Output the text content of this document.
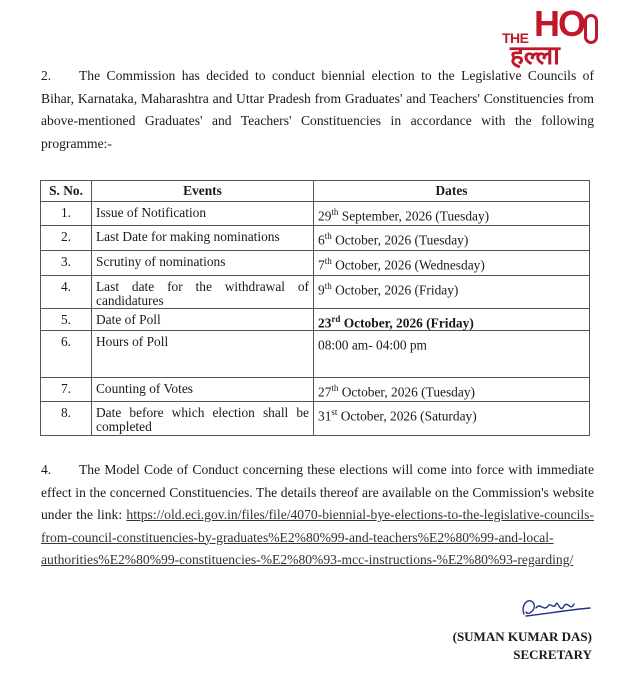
THE HO
हल्ला
2. The Commission has decided to conduct biennial election to the Legislative Councils of Bihar, Karnataka, Maharashtra and Uttar Pradesh from Graduates' and Teachers' Constituencies from above-mentioned Graduates' and Teachers' Constituencies in accordance with the following programme:-
S. No.	Events	Dates
1.	Issue of Notification	29th September, 2026 (Tuesday)
2.	Last Date for making nominations	6th October, 2026 (Tuesday)
3.	Scrutiny of nominations	7th October, 2026 (Wednesday)
4.	Last date for the withdrawal of candidatures	9th October, 2026 (Friday)
5.	Date of Poll	23rd October, 2026 (Friday)
6.	Hours of Poll	08:00 am- 04:00 pm
7.	Counting of Votes	27th October, 2026 (Tuesday)
8.	Date before which election shall be completed	31st October, 2026 (Saturday)
4. The Model Code of Conduct concerning these elections will come into force with immediate effect in the concerned Constituencies. The details thereof are available on the Commission's website under the link: https://old.eci.gov.in/files/file/4070-biennial-bye-elections-to-the-legislative-councils-from-council-constituencies-by-graduates%E2%80%99-and-teachers%E2%80%99-and-local-authorities%E2%80%99-constituencies-%E2%80%93-mcc-instructions-%E2%80%93-regarding/
(SUMAN KUMAR DAS)
SECRETARY
